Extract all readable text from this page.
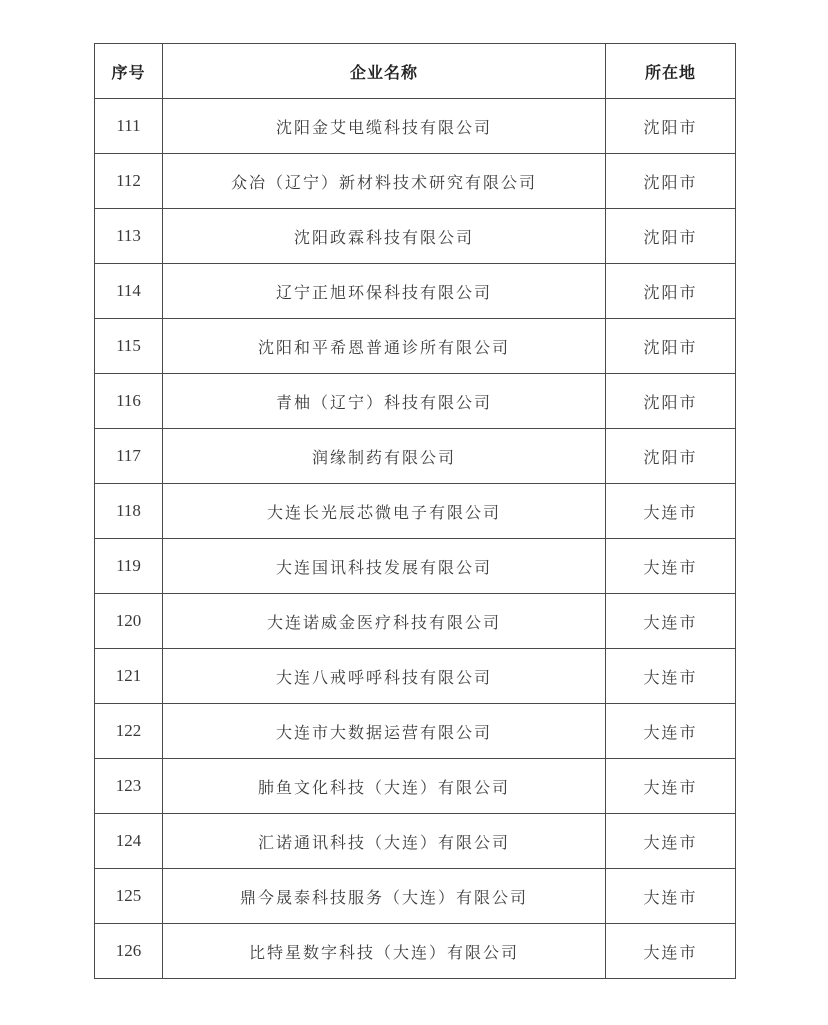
序号	企业名称	所在地
111	沈阳金艾电缆科技有限公司	沈阳市
112	众冶（辽宁）新材料技术研究有限公司	沈阳市
113	沈阳政霖科技有限公司	沈阳市
114	辽宁正旭环保科技有限公司	沈阳市
115	沈阳和平希恩普通诊所有限公司	沈阳市
116	青柚（辽宁）科技有限公司	沈阳市
117	润缘制药有限公司	沈阳市
118	大连长光辰芯微电子有限公司	大连市
119	大连国讯科技发展有限公司	大连市
120	大连诺威金医疗科技有限公司	大连市
121	大连八戒呼呼科技有限公司	大连市
122	大连市大数据运营有限公司	大连市
123	肺鱼文化科技（大连）有限公司	大连市
124	汇诺通讯科技（大连）有限公司	大连市
125	鼎今晟泰科技服务（大连）有限公司	大连市
126	比特星数字科技（大连）有限公司	大连市
